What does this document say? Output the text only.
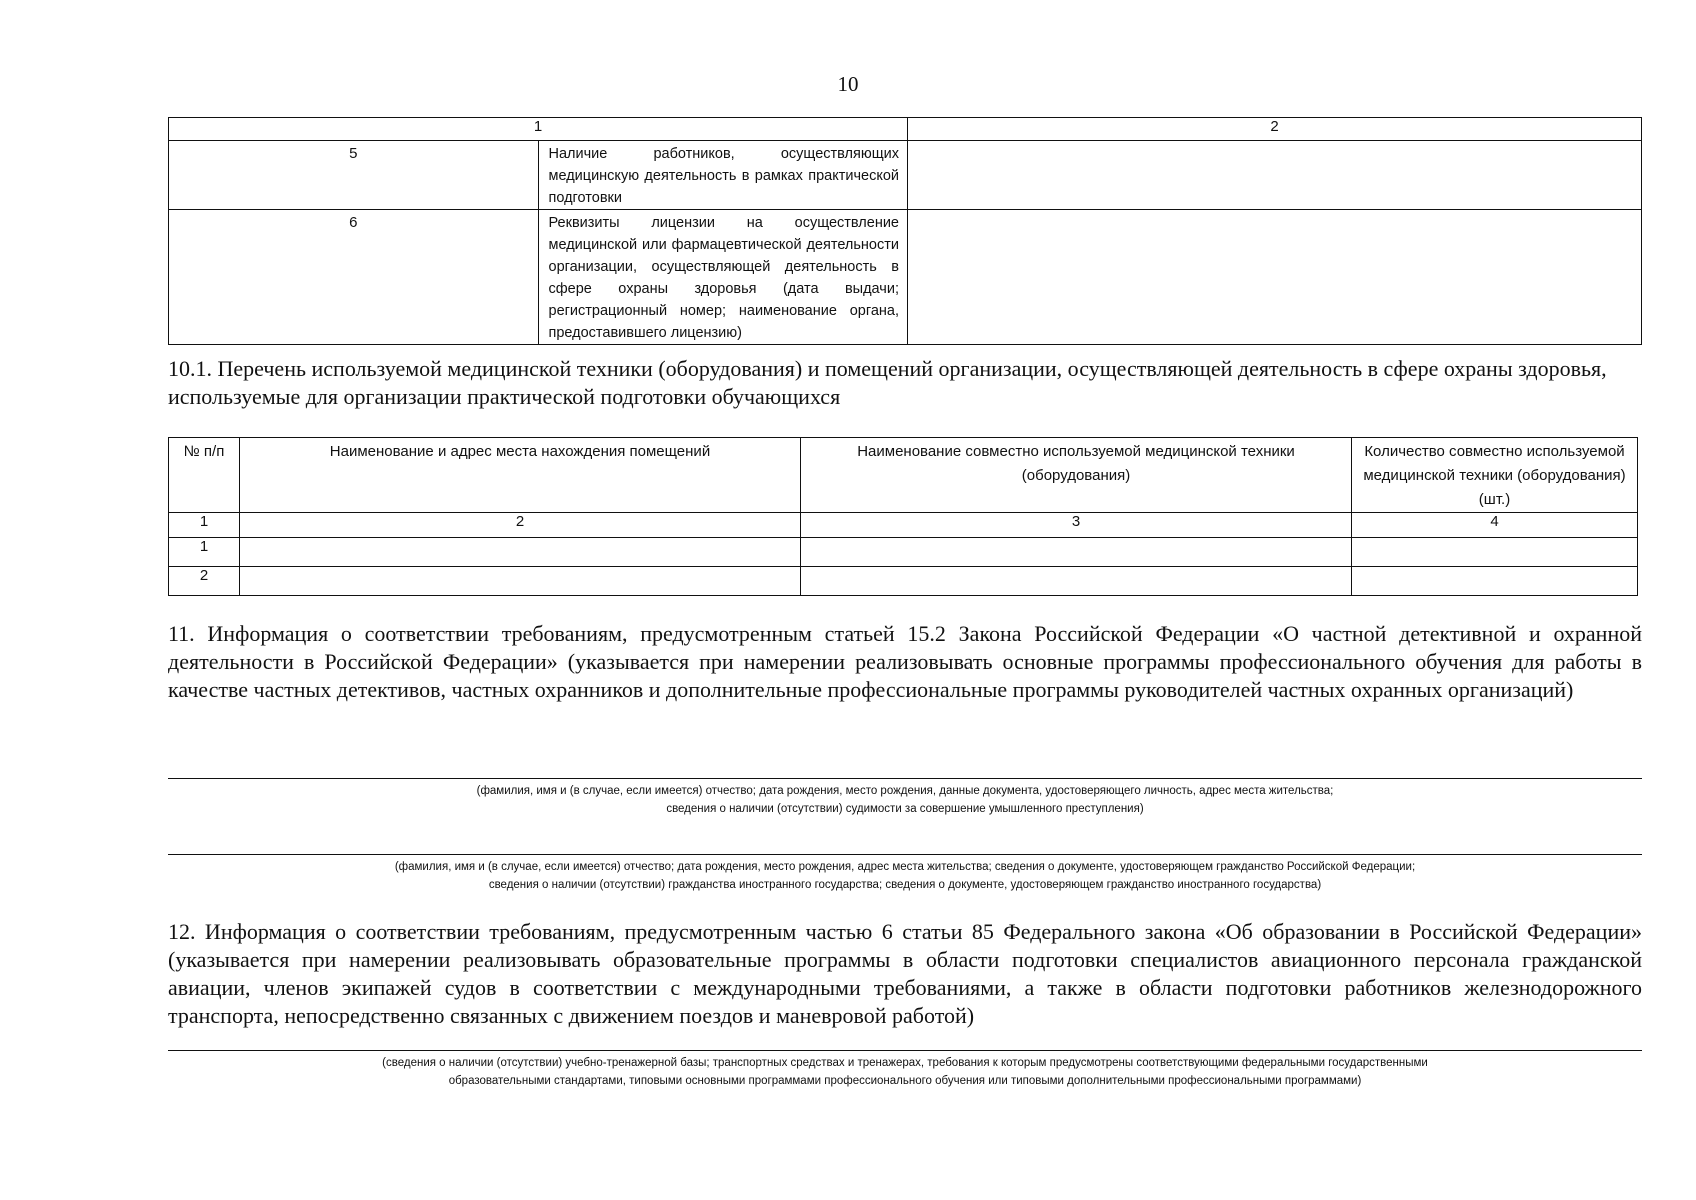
10
1		2
5	Наличие работников, осуществляющих медицинскую деятельность в рамках практической подготовки	
6	Реквизиты лицензии на осуществление медицинской или фармацевтической деятельности организации, осуществляющей деятельность в сфере охраны здоровья (дата выдачи; регистрационный номер; наименование органа, предоставившего лицензию)	
10.1. Перечень используемой медицинской техники (оборудования) и помещений организации, осуществляющей деятельность в сфере охраны здоровья, используемые для организации практической подготовки обучающихся
№ п/п	Наименование и адрес места нахождения помещений	Наименование совместно используемой медицинской техники (оборудования)	Количество совместно используемой медицинской техники (оборудования) (шт.)
1	2	3	4
1			
2			
11. Информация о соответствии требованиям, предусмотренным статьей 15.2 Закона Российской Федерации «О частной детективной и охранной деятельности в Российской Федерации» (указывается при намерении реализовывать основные программы профессионального обучения для работы в качестве частных детективов, частных охранников и дополнительные профессиональные программы руководителей частных охранных организаций)
(фамилия, имя и (в случае, если имеется) отчество; дата рождения, место рождения, данные документа, удостоверяющего личность, адрес места жительства;
сведения о наличии (отсутствии) судимости за совершение умышленного преступления)
(фамилия, имя и (в случае, если имеется) отчество; дата рождения, место рождения, адрес места жительства; сведения о документе, удостоверяющем гражданство Российской Федерации;
сведения о наличии (отсутствии) гражданства иностранного государства; сведения о документе, удостоверяющем гражданство иностранного государства)
12. Информация о соответствии требованиям, предусмотренным частью 6 статьи 85 Федерального закона «Об образовании в Российской Федерации» (указывается при намерении реализовывать образовательные программы в области подготовки специалистов авиационного персонала гражданской авиации, членов экипажей судов в соответствии с международными требованиями, а также в области подготовки работников железнодорожного транспорта, непосредственно связанных с движением поездов и маневровой работой)
(сведения о наличии (отсутствии) учебно-тренажерной базы; транспортных средствах и тренажерах, требования к которым предусмотрены соответствующими федеральными государственными
образовательными стандартами, типовыми основными программами профессионального обучения или типовыми дополнительными профессиональными программами)
